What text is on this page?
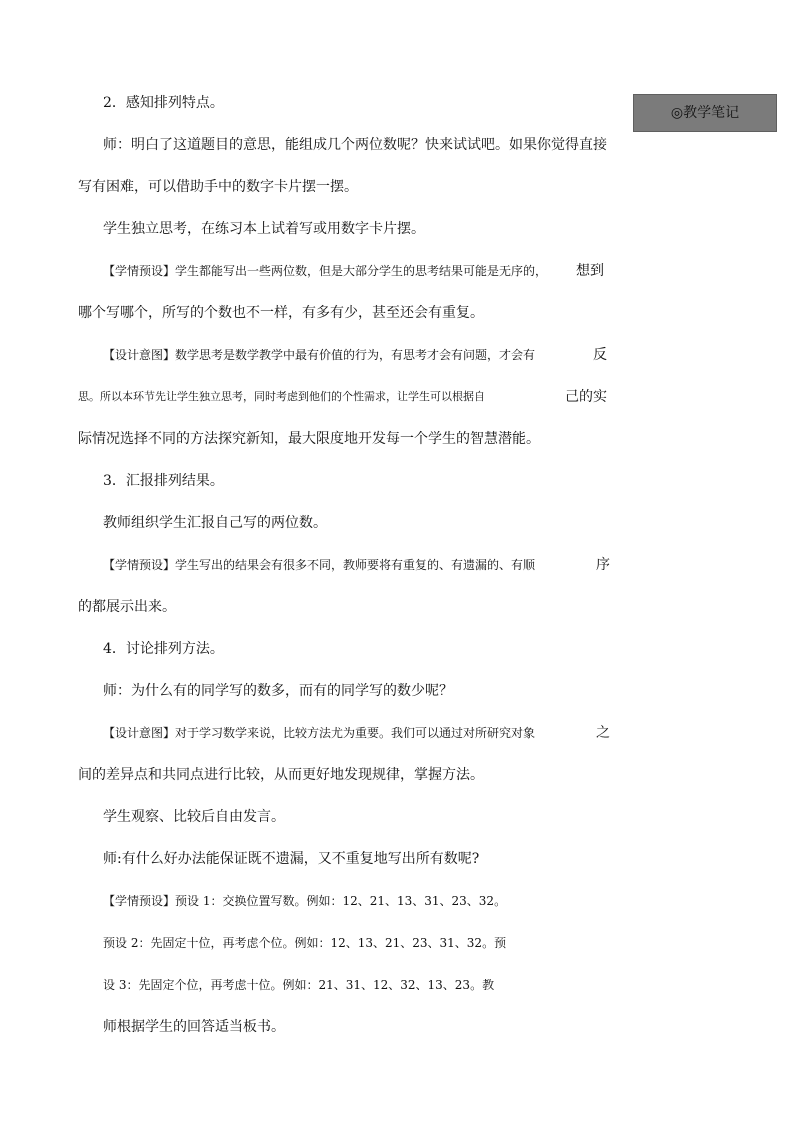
◎教学笔记
2．感知排列特点。
师：明白了这道题目的意思，能组成几个两位数呢？快来试试吧。如果你觉得直接
写有困难，可以借助手中的数字卡片摆一摆。
学生独立思考，在练习本上试着写或用数字卡片摆。
【学情预设】学生都能写出一些两位数，但是大部分学生的思考结果可能是无序的， 想到
哪个写哪个，所写的个数也不一样，有多有少，甚至还会有重复。
【设计意图】数学思考是数学教学中最有价值的行为，有思考才会有问题，才会有	反
思。所以本环节先让学生独立思考，同时考虑到他们的个性需求，让学生可以根据自	己的实
际情况选择不同的方法探究新知，最大限度地开发每一个学生的智慧潜能。
3．汇报排列结果。
教师组织学生汇报自己写的两位数。
【学情预设】学生写出的结果会有很多不同，教师要将有重复的、有遗漏的、有顺	序
的都展示出来。
4．讨论排列方法。
师：为什么有的同学写的数多，而有的同学写的数少呢？
【设计意图】对于学习数学来说，比较方法尤为重要。我们可以通过对所研究对象	之
间的差异点和共同点进行比较，从而更好地发现规律，掌握方法。
学生观察、比较后自由发言。
师:有什么好办法能保证既不遗漏，又不重复地写出所有数呢?
【学情预设】预设 1：交换位置写数。例如：12、21、13、31、23、32。
预设 2：先固定十位，再考虑个位。例如：12、13、21、23、31、32。预
设 3：先固定个位，再考虑十位。例如：21、31、12、32、13、23。教
师根据学生的回答适当板书。
